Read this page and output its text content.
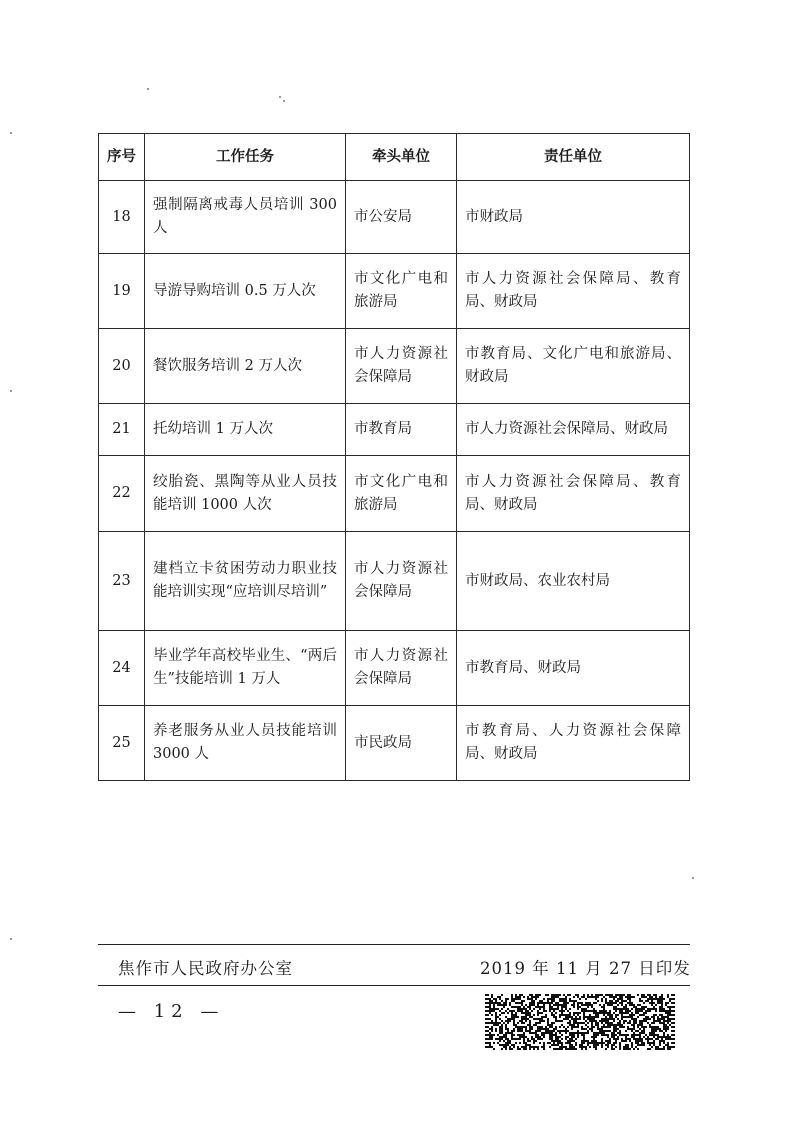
序号	工作任务	牵头单位	责任单位
18	强制隔离戒毒人员培训 300 人	市公安局	市财政局
19	导游导购培训 0.5 万人次	市文化广电和旅游局	市人力资源社会保障局、教育局、财政局
20	餐饮服务培训 2 万人次	市人力资源社会保障局	市教育局、文化广电和旅游局、财政局
21	托幼培训 1 万人次	市教育局	市人力资源社会保障局、财政局
22	绞胎瓷、黑陶等从业人员技能培训 1000 人次	市文化广电和旅游局	市人力资源社会保障局、教育局、财政局
23	建档立卡贫困劳动力职业技能培训实现“应培训尽培训”	市人力资源社会保障局	市财政局、农业农村局
24	毕业学年高校毕业生、“两后生”技能培训 1 万人	市人力资源社会保障局	市教育局、财政局
25	养老服务从业人员技能培训 3000 人	市民政局	市教育局、人力资源社会保障局、财政局
焦作市人民政府办公室	2019 年 11 月 27 日印发
— 12 —
